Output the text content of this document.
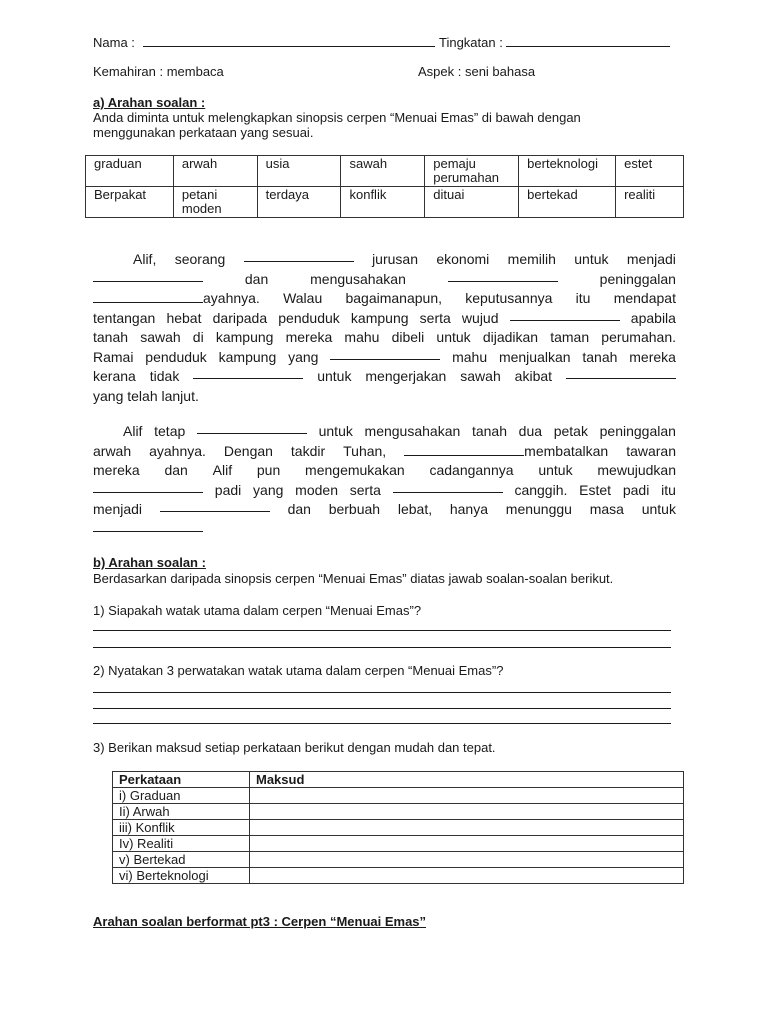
Nama :	Tingkatan :
Kemahiran : membaca	Aspek : seni bahasa
a) Arahan soalan :
Anda diminta untuk melengkapkan sinopsis cerpen “Menuai Emas” di bawah dengan
menggunakan perkataan yang sesuai.
graduan	arwah	usia	sawah	pemaju
perumahan	berteknologi	estet
Berpakat	petani
moden	terdaya	konflik	dituai	bertekad	realiti
Alif, seorang	jurusan ekonomi memilih untuk menjadi
dan	mengusahakan	peninggalan
ayahnya. Walau bagaimanapun, keputusannya itu mendapat
tentangan hebat daripada penduduk kampung serta wujud	apabila
tanah sawah di kampung mereka mahu dibeli untuk dijadikan taman perumahan.
Ramai penduduk kampung yang	mahu menjualkan tanah mereka
kerana tidak	untuk mengerjakan sawah akibat
yang telah lanjut.
Alif tetap	untuk mengusahakan tanah dua petak peninggalan
arwah ayahnya. Dengan takdir Tuhan,	membatalkan tawaran
mereka dan Alif pun mengemukakan cadangannya untuk mewujudkan
padi yang moden serta	canggih. Estet padi itu
menjadi	dan berbuah lebat, hanya menunggu masa untuk
b) Arahan soalan :
Berdasarkan daripada sinopsis cerpen “Menuai Emas” diatas jawab soalan-soalan berikut.
1) Siapakah watak utama dalam cerpen “Menuai Emas”?
2) Nyatakan 3 perwatakan watak utama dalam cerpen “Menuai Emas”?
3) Berikan maksud setiap perkataan berikut dengan mudah dan tepat.
Perkataan	Maksud
i) Graduan	
Ii) Arwah	
iii) Konflik	
Iv) Realiti	
v) Bertekad	
vi) Berteknologi	
Arahan soalan berformat pt3 : Cerpen “Menuai Emas”
